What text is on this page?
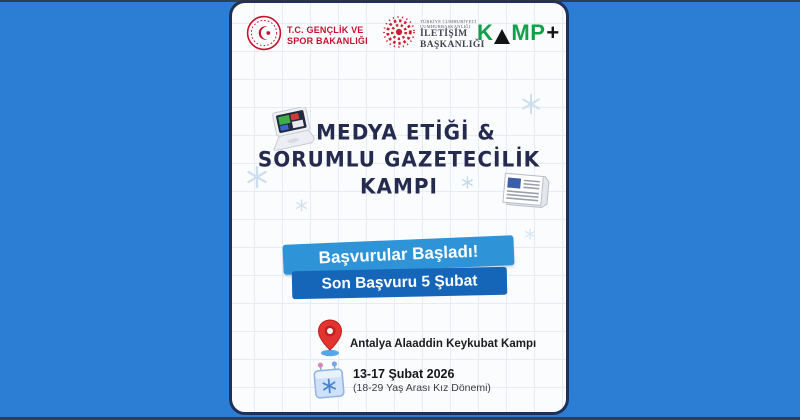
T.C. GENÇLİK VE
SPOR BAKANLIĞI
TÜRKİYE CUMHURİYETİ
CUMHURBAŞKANLIĞI
İLETİŞİM
BAŞKANLIĞI
K MP +
MEDYA ETİĞİ &
SORUMLU GAZETECİLİK
KAMPI
Başvurular Başladı!
Son Başvuru 5 Şubat
Antalya Alaaddin Keykubat Kampı
13-17 Şubat 2026
(18-29 Yaş Arası Kız Dönemi)
